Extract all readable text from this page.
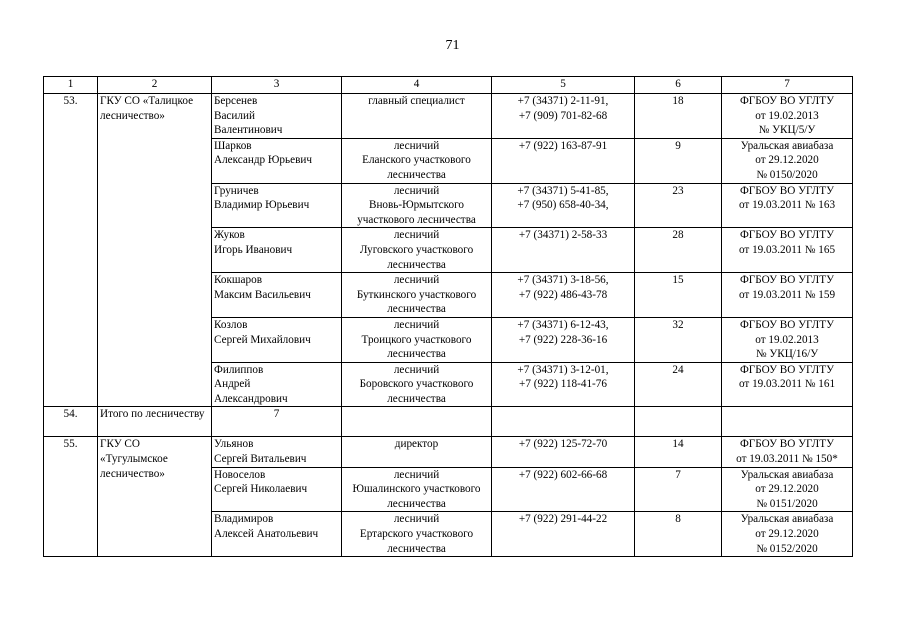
71
1	2	3	4	5	6	7
53.	ГКУ СО «Талицкое лесничество»	Берсенев
Василий
Валентинович	главный специалист	+7 (34371) 2-11-91,
+7 (909) 701-82-68	18	ФГБОУ ВО УГЛТУ
от 19.02.2013
№ УКЦ/5/У

		Шарков
Александр Юрьевич	лесничий
Еланского участкового
лесничества	+7 (922) 163-87-91	9	Уральская авиабаза
от 29.12.2020
№ 0150/2020

		Груничев
Владимир Юрьевич	лесничий
Вновь-Юрмытского
участкового лесничества	+7 (34371) 5-41-85,
+7 (950) 658-40-34,	23	ФГБОУ ВО УГЛТУ
от 19.03.2011 № 163

		Жуков
Игорь Иванович	лесничий
Луговского участкового
лесничества	+7 (34371) 2-58-33	28	ФГБОУ ВО УГЛТУ
от 19.03.2011 № 165

		Кокшаров
Максим Васильевич	лесничий
Буткинского участкового
лесничества	+7 (34371) 3-18-56,
+7 (922) 486-43-78	15	ФГБОУ ВО УГЛТУ
от 19.03.2011 № 159

		Козлов
Сергей Михайлович	лесничий
Троицкого участкового
лесничества	+7 (34371) 6-12-43,
+7 (922) 228-36-16	32	ФГБОУ ВО УГЛТУ
от 19.02.2013
№ УКЦ/16/У

		Филиппов
Андрей
Александрович	лесничий
Боровского участкового
лесничества	+7 (34371) 3-12-01,
+7 (922) 118-41-76	24	ФГБОУ ВО УГЛТУ
от 19.03.2011 № 161

54.	Итого по лесничеству	7				
55.	ГКУ СО «Тугулымское лесничество»	Ульянов
Сергей Витальевич	директор	+7 (922) 125-72-70	14	ФГБОУ ВО УГЛТУ
от 19.03.2011 № 150*

		Новоселов
Сергей Николаевич	лесничий
Юшалинского участкового
лесничества	+7 (922) 602-66-68	7	Уральская авиабаза
от 29.12.2020
№ 0151/2020

		Владимиров
Алексей Анатольевич	лесничий
Ертарского участкового
лесничества	+7 (922) 291-44-22	8	Уральская авиабаза
от 29.12.2020
№ 0152/2020
